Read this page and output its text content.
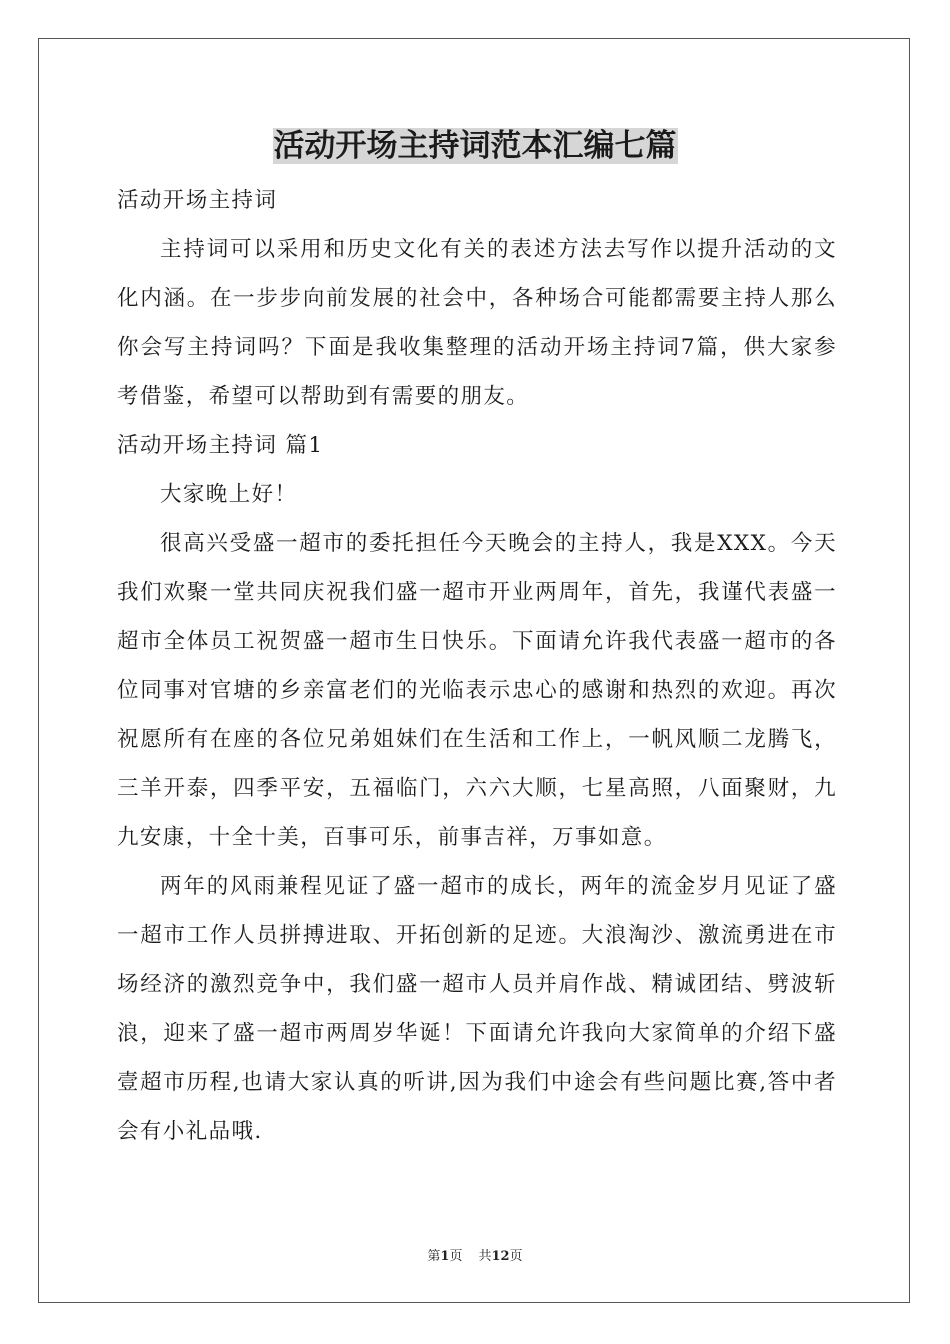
活动开场主持词范本汇编七篇

活动开场主持词

主持词可以采用和历史文化有关的表述方法去写作以提升活动的文化内涵。在一步步向前发展的社会中，各种场合可能都需要主持人那么你会写主持词吗？下面是我收集整理的活动开场主持词7篇，供大家参考借鉴，希望可以帮助到有需要的朋友。

活动开场主持词 篇1

大家晚上好！

很高兴受盛一超市的委托担任今天晚会的主持人，我是XXX。今天我们欢聚一堂共同庆祝我们盛一超市开业两周年，首先，我谨代表盛一超市全体员工祝贺盛一超市生日快乐。下面请允许我代表盛一超市的各位同事对官塘的乡亲富老们的光临表示忠心的感谢和热烈的欢迎。再次祝愿所有在座的各位兄弟姐妹们在生活和工作上，一帆风顺二龙腾飞，三羊开泰，四季平安，五福临门，六六大顺，七星高照，八面聚财，九九安康，十全十美，百事可乐，前事吉祥，万事如意。

两年的风雨兼程见证了盛一超市的成长，两年的流金岁月见证了盛一超市工作人员拼搏进取、开拓创新的足迹。大浪淘沙、激流勇进在市场经济的激烈竞争中，我们盛一超市人员并肩作战、精诚团结、劈波斩浪，迎来了盛一超市两周岁华诞！下面请允许我向大家简单的介绍下盛壹超市历程,也请大家认真的听讲,因为我们中途会有些问题比赛,答中者会有小礼品哦.

第1页 共12页
